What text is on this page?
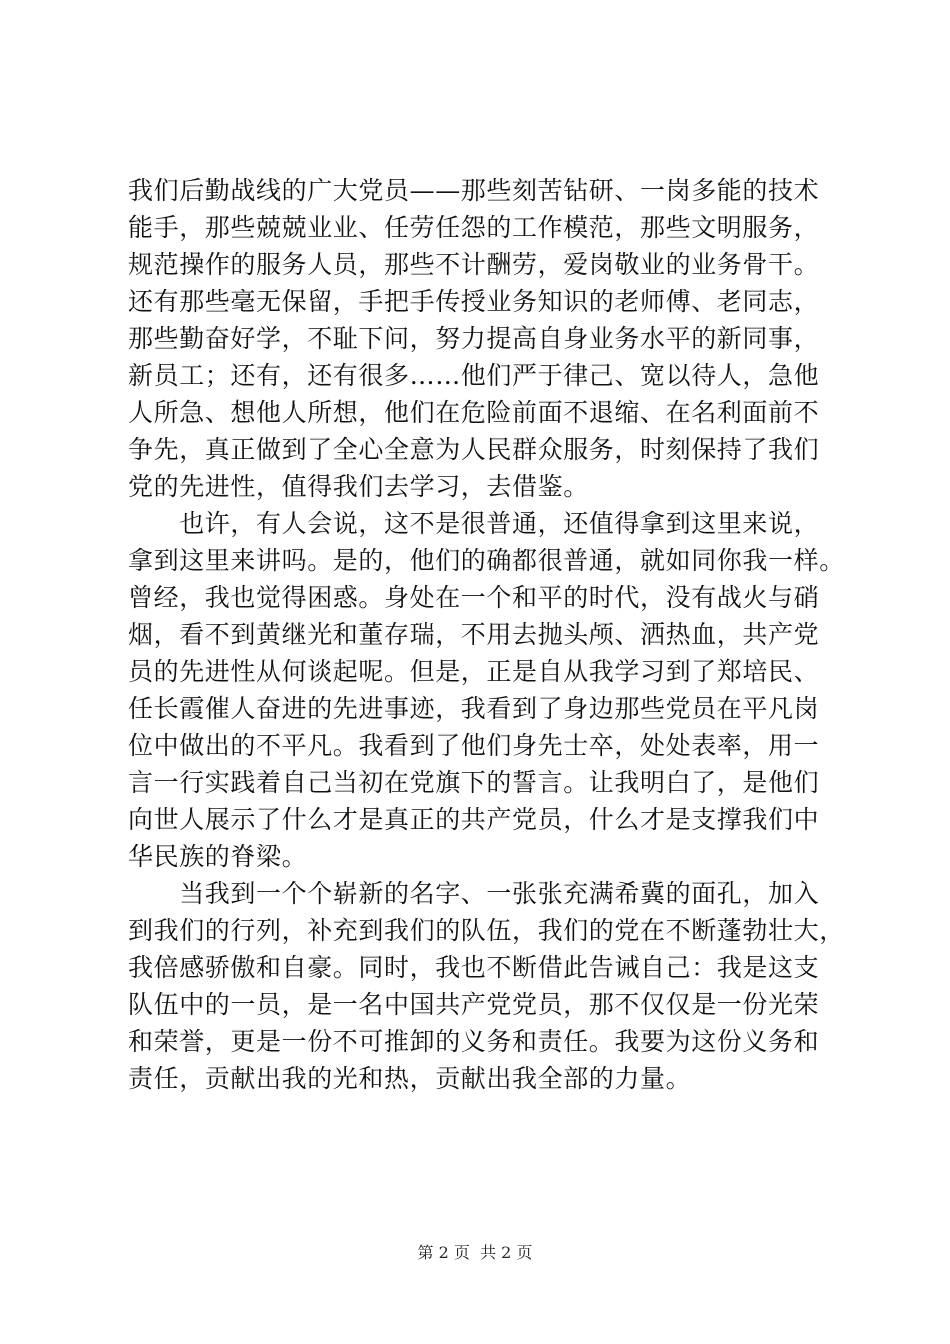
我们后勤战线的广大党员——那些刻苦钻研、一岗多能的技术
能手，那些兢兢业业、任劳任怨的工作模范，那些文明服务，
规范操作的服务人员，那些不计酬劳，爱岗敬业的业务骨干。
还有那些毫无保留，手把手传授业务知识的老师傅、老同志，
那些勤奋好学，不耻下问，努力提高自身业务水平的新同事，
新员工；还有，还有很多……他们严于律己、宽以待人，急他
人所急、想他人所想，他们在危险前面不退缩、在名利面前不
争先，真正做到了全心全意为人民群众服务，时刻保持了我们
党的先进性，值得我们去学习，去借鉴。
　　也许，有人会说，这不是很普通，还值得拿到这里来说，
拿到这里来讲吗。是的，他们的确都很普通，就如同你我一样。
曾经，我也觉得困惑。身处在一个和平的时代，没有战火与硝
烟，看不到黄继光和董存瑞，不用去抛头颅、洒热血，共产党
员的先进性从何谈起呢。但是，正是自从我学习到了郑培民、
任长霞催人奋进的先进事迹，我看到了身边那些党员在平凡岗
位中做出的不平凡。我看到了他们身先士卒，处处表率，用一
言一行实践着自己当初在党旗下的誓言。让我明白了，是他们
向世人展示了什么才是真正的共产党员，什么才是支撑我们中
华民族的脊梁。
　　当我到一个个崭新的名字、一张张充满希冀的面孔，加入
到我们的行列，补充到我们的队伍，我们的党在不断蓬勃壮大，
我倍感骄傲和自豪。同时，我也不断借此告诫自己：我是这支
队伍中的一员，是一名中国共产党党员，那不仅仅是一份光荣
和荣誉，更是一份不可推卸的义务和责任。我要为这份义务和
责任，贡献出我的光和热，贡献出我全部的力量。
第 2 页  共 2 页
